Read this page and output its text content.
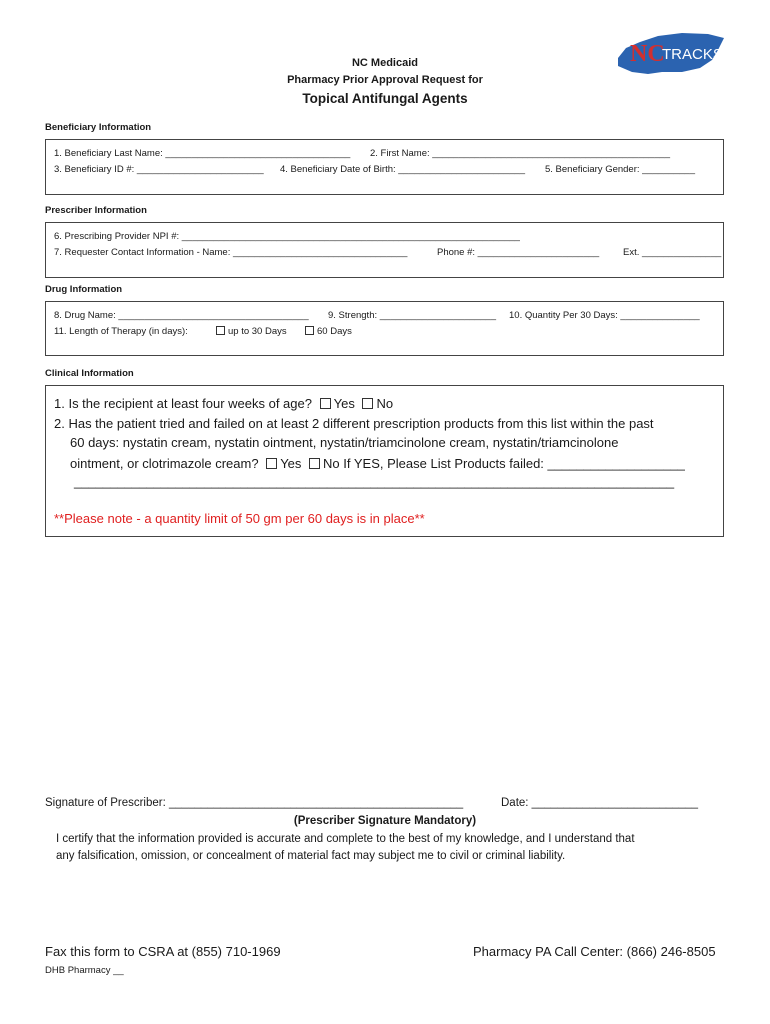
NC Medicaid
Pharmacy Prior Approval Request for
Topical Antifungal Agents
NC
TRACKS
Beneficiary Information
1. Beneficiary Last Name: ___________________________________ 2. First Name: _____________________________________________
3. Beneficiary ID #: ________________________ 4. Beneficiary Date of Birth: ________________________ 5. Beneficiary Gender: __________
Prescriber Information
6. Prescribing Provider NPI #: ________________________________________________________________
7. Requester Contact Information - Name: _________________________________	Phone #: _______________________	Ext. _______________
Drug Information
8. Drug Name: ____________________________________ 9. Strength: ______________________ 10. Quantity Per 30 Days: _______________
11. Length of Therapy (in days):	up to 30 Days	60 Days
Clinical Information
1. Is the recipient at least four weeks of age? Yes No
2. Has the patient tried and failed on at least 2 different prescription products from this list within the past
60 days: nystatin cream, nystatin ointment, nystatin/triamcinolone cream, nystatin/triamcinolone
ointment, or clotrimazole cream? Yes No If YES, Please List Products failed: ___________________
___________________________________________________________________________________
**Please note - a quantity limit of 50 gm per 60 days is in place**
Signature of Prescriber: ______________________________________________	Date: __________________________
(Prescriber Signature Mandatory)
I certify that the information provided is accurate and complete to the best of my knowledge, and I understand that
any falsification, omission, or concealment of material fact may subject me to civil or criminal liability.
Fax this form to CSRA at (855) 710-1969	Pharmacy PA Call Center: (866) 246-8505
DHB Pharmacy __
